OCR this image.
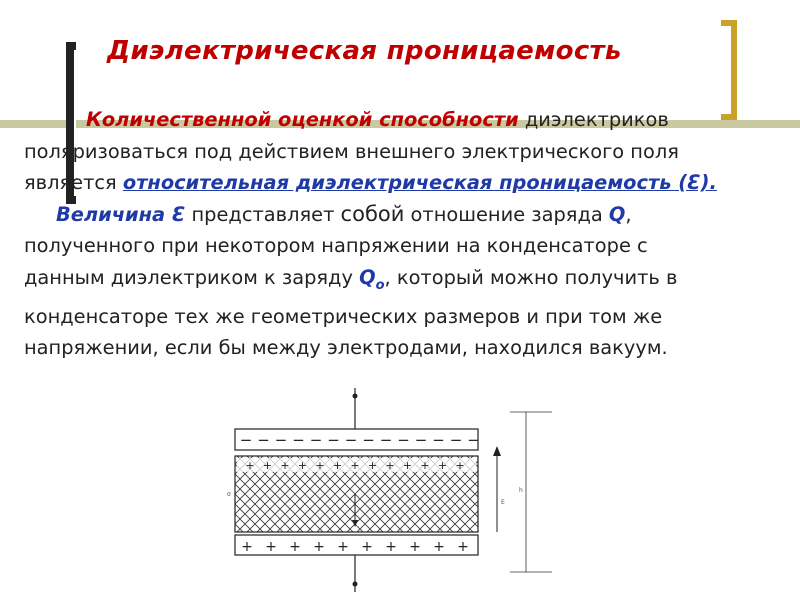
Диэлектрическая проницаемость
Количественной оценкой способности диэлектриков
поляризоваться под действием внешнего электрического поля
является относительная диэлектрическая проницаемость (Ɛ).
Величина Ɛ представляет собой отношение заряда Q,
полученного при некотором напряжении на конденсаторе с
данным диэлектриком к заряду $Q_o$, который можно получить в
конденсаторе тех же геометрических размеров и при том же
напряжении, если бы между электродами, находился вакуум.
− − − − − − − − − − − − − −
+ + + + + + + + + + + + +
+ + + + + + + + + +
E
h
σ
